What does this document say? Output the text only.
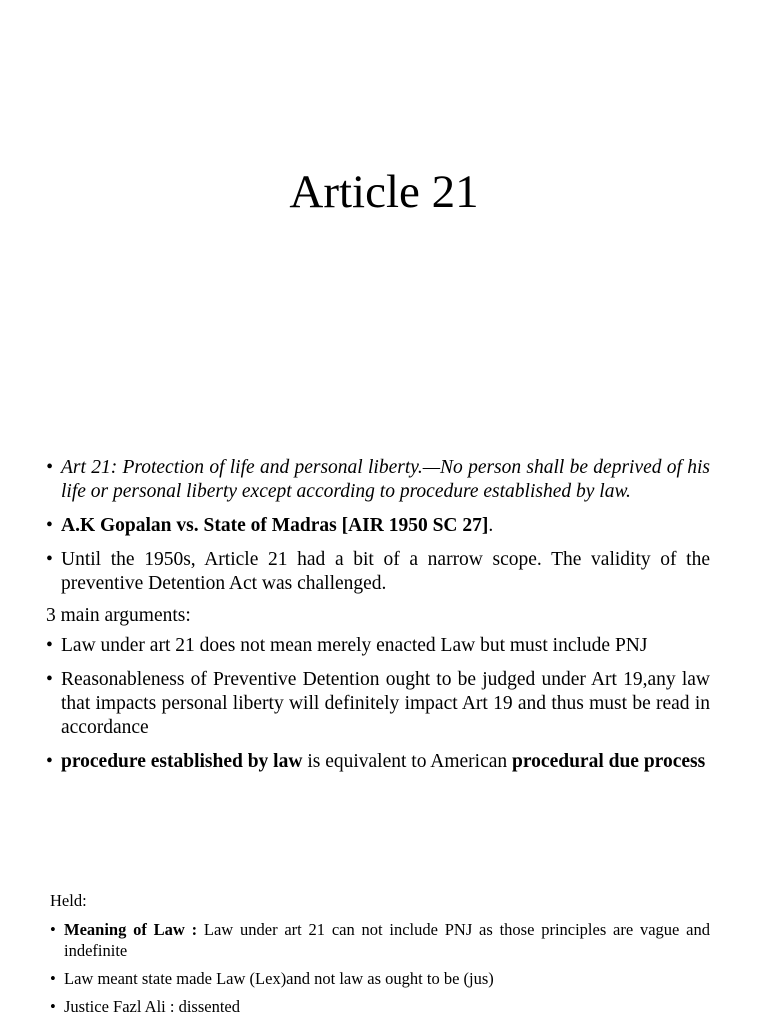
Article 21
• Art 21: Protection of life and personal liberty.—No person shall be deprived of his life or personal liberty except according to procedure established by law.
• A.K Gopalan vs. State of Madras [AIR 1950 SC 27].
• Until the 1950s, Article 21 had a bit of a narrow scope. The validity of the preventive Detention Act was challenged.
3 main arguments:
• Law under art 21 does not mean merely enacted Law but must include PNJ
• Reasonableness of Preventive Detention ought to be judged under Art 19,any law that impacts personal liberty will definitely impact Art 19 and thus must be read in accordance
• procedure established by law is equivalent to American procedural due process
Held:
• Meaning of Law : Law under art 21 can not include PNJ as those principles are vague and indefinite
• Law meant state made Law (Lex)and not law as ought to be (jus)
• Justice Fazl Ali : dissented
